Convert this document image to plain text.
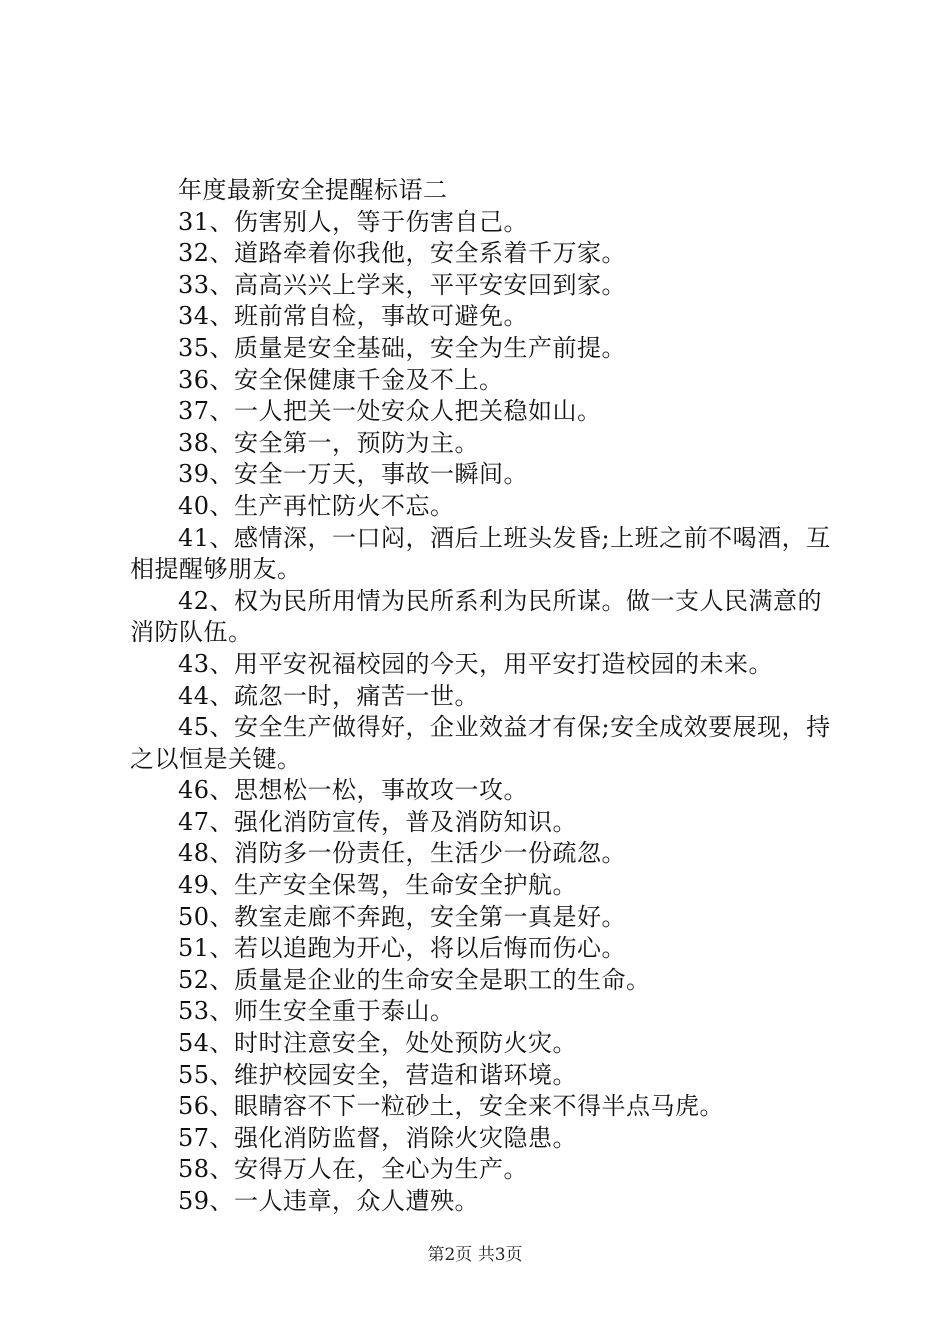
年度最新安全提醒标语二
31、伤害别人，等于伤害自己。
32、道路牵着你我他，安全系着千万家。
33、高高兴兴上学来，平平安安回到家。
34、班前常自检，事故可避免。
35、质量是安全基础，安全为生产前提。
36、安全保健康千金及不上。
37、一人把关一处安众人把关稳如山。
38、安全第一，预防为主。
39、安全一万天，事故一瞬间。
40、生产再忙防火不忘。
41、感情深，一口闷，酒后上班头发昏;上班之前不喝酒，互相提醒够朋友。
42、权为民所用情为民所系利为民所谋。做一支人民满意的消防队伍。
43、用平安祝福校园的今天，用平安打造校园的未来。
44、疏忽一时，痛苦一世。
45、安全生产做得好，企业效益才有保;安全成效要展现，持之以恒是关键。
46、思想松一松，事故攻一攻。
47、强化消防宣传，普及消防知识。
48、消防多一份责任，生活少一份疏忽。
49、生产安全保驾，生命安全护航。
50、教室走廊不奔跑，安全第一真是好。
51、若以追跑为开心，将以后悔而伤心。
52、质量是企业的生命安全是职工的生命。
53、师生安全重于泰山。
54、时时注意安全，处处预防火灾。
55、维护校园安全，营造和谐环境。
56、眼睛容不下一粒砂土，安全来不得半点马虎。
57、强化消防监督，消除火灾隐患。
58、安得万人在，全心为生产。
59、一人违章，众人遭殃。
第2页 共3页
